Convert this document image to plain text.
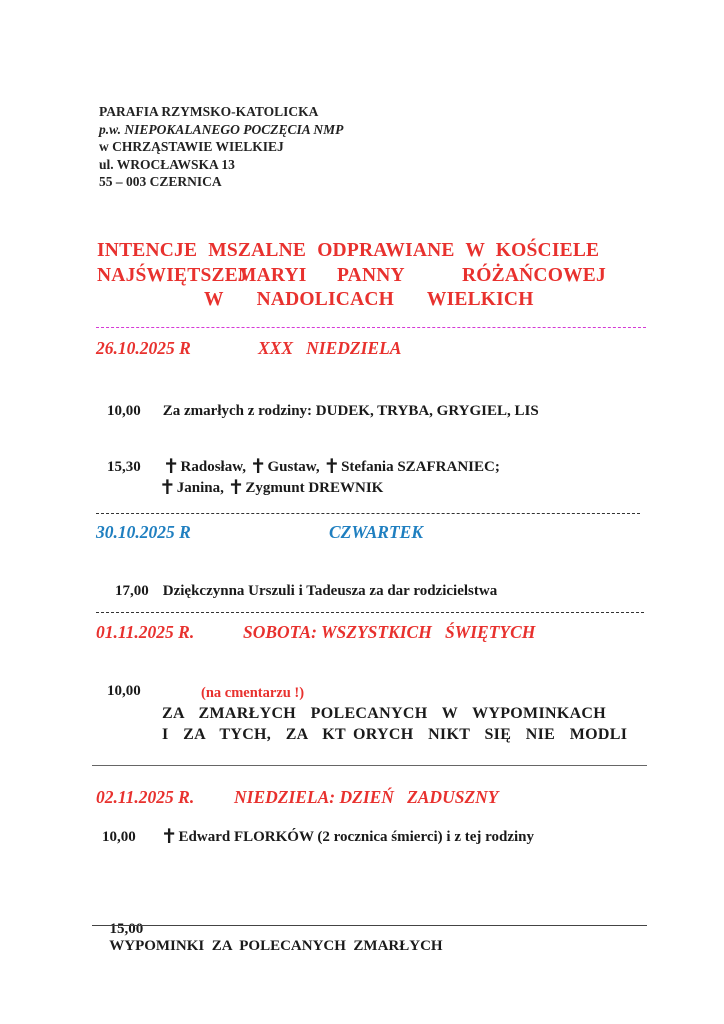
PARAFIA RZYMSKO-KATOLICKA
p.w. NIEPOKALANEGO POCZĘCIA NMP
w CHRZĄSTAWIE WIELKIEJ
ul. WROCŁAWSKA 13
55 – 003 CZERNICA
INTENCJE MSZALNE ODPRAWIANE W KOŚCIELE
NAJŚWIĘTSZEJ
MARYI PANNY	RÓŻAŃCOWEJ
W   NADOLICACH   WIELKICH
26.10.2025 R	XXX   NIEDZIELA
10,00 Za zmarłych z rodziny: DUDEK, TRYBA, GRYGIEL, LIS
15,30 ✝Radosław, ✝Gustaw, ✝Stefania SZAFRANIEC;
✝Janina, ✝Zygmunt DREWNIK
30.10.2025 R	CZWARTEK
17,00 Dziękczynna Urszuli i Tadeusza za dar rodzicielstwa
01.11.2025 R.	SOBOTA: WSZYSTKICH   ŚWIĘTYCH
10,00	(na cmentarzu !)
ZA  ZMARŁYCH  POLECANYCH  W  WYPOMINKACH
I  ZA  TYCH,  ZA  KT ORYCH  NIKT  SIĘ  NIE  MODLI
02.11.2025 R. NIEDZIELA: DZIEŃ   ZADUSZNY
10,00 ✝Edward FLORKÓW (2 rocznica śmierci) i z tej rodziny

15,00
WYPOMINKI  ZA  POLECANYCH  ZMARŁYCH
